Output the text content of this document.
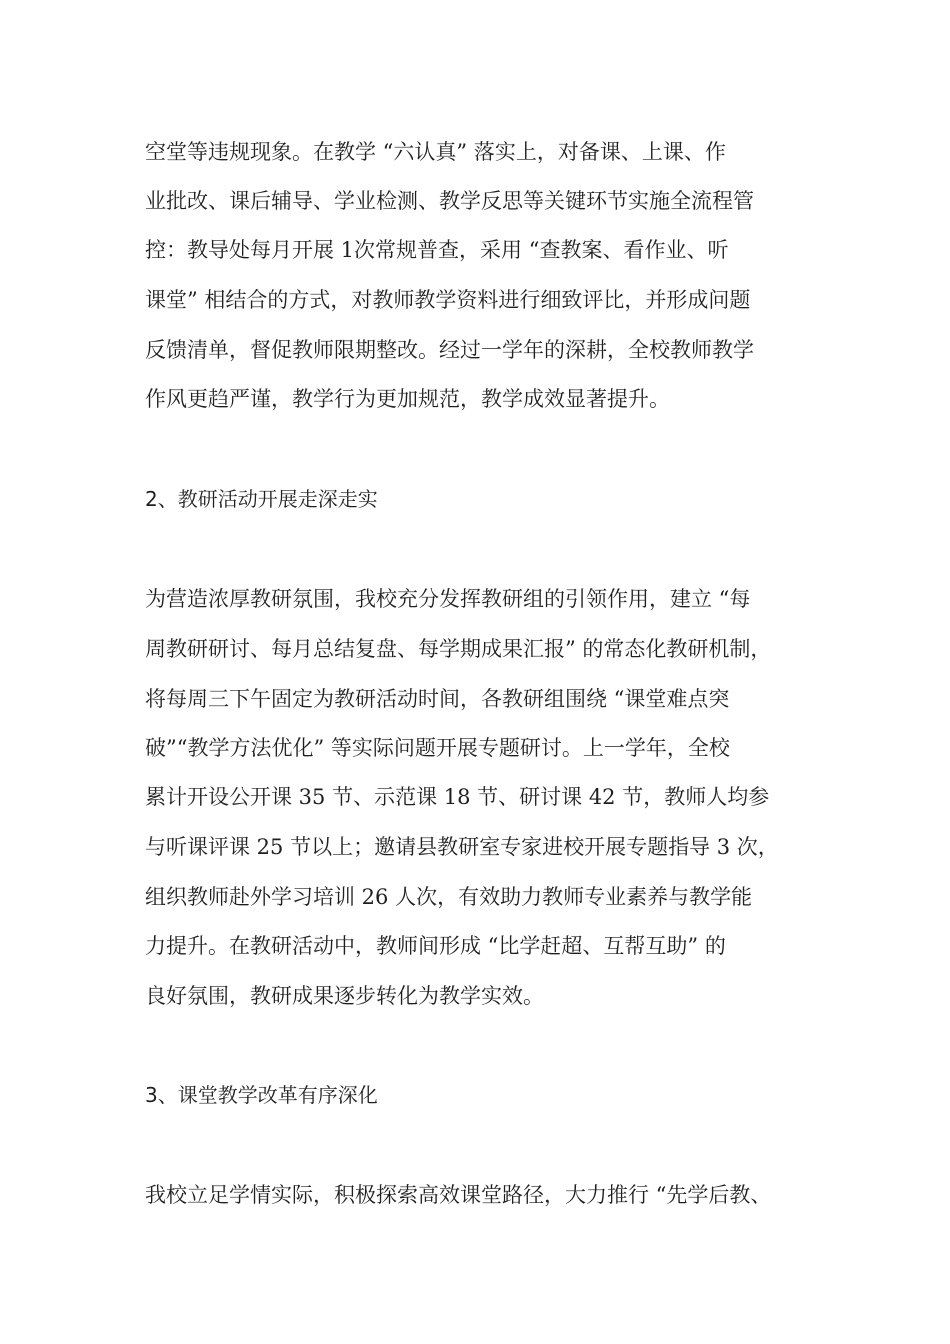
空堂等违规现象。在教学 “六认真” 落实上，对备课、上课、作
业批改、课后辅导、学业检测、教学反思等关键环节实施全流程管
控：教导处每月开展 1次常规普查，采用 “查教案、看作业、听
课堂” 相结合的方式，对教师教学资料进行细致评比，并形成问题
反馈清单，督促教师限期整改。经过一学年的深耕，全校教师教学
作风更趋严谨，教学行为更加规范，教学成效显著提升。
2、教研活动开展走深走实
为营造浓厚教研氛围，我校充分发挥教研组的引领作用，建立 “每
周教研研讨、每月总结复盘、每学期成果汇报” 的常态化教研机制，
将每周三下午固定为教研活动时间，各教研组围绕 “课堂难点突
破”“教学方法优化” 等实际问题开展专题研讨。上一学年，全校
累计开设公开课 35 节、示范课 18 节、研讨课 42 节，教师人均参
与听课评课 25 节以上；邀请县教研室专家进校开展专题指导 3 次，
组织教师赴外学习培训 26 人次，有效助力教师专业素养与教学能
力提升。在教研活动中，教师间形成 “比学赶超、互帮互助” 的
良好氛围，教研成果逐步转化为教学实效。
3、课堂教学改革有序深化
我校立足学情实际，积极探索高效课堂路径，大力推行 “先学后教、
